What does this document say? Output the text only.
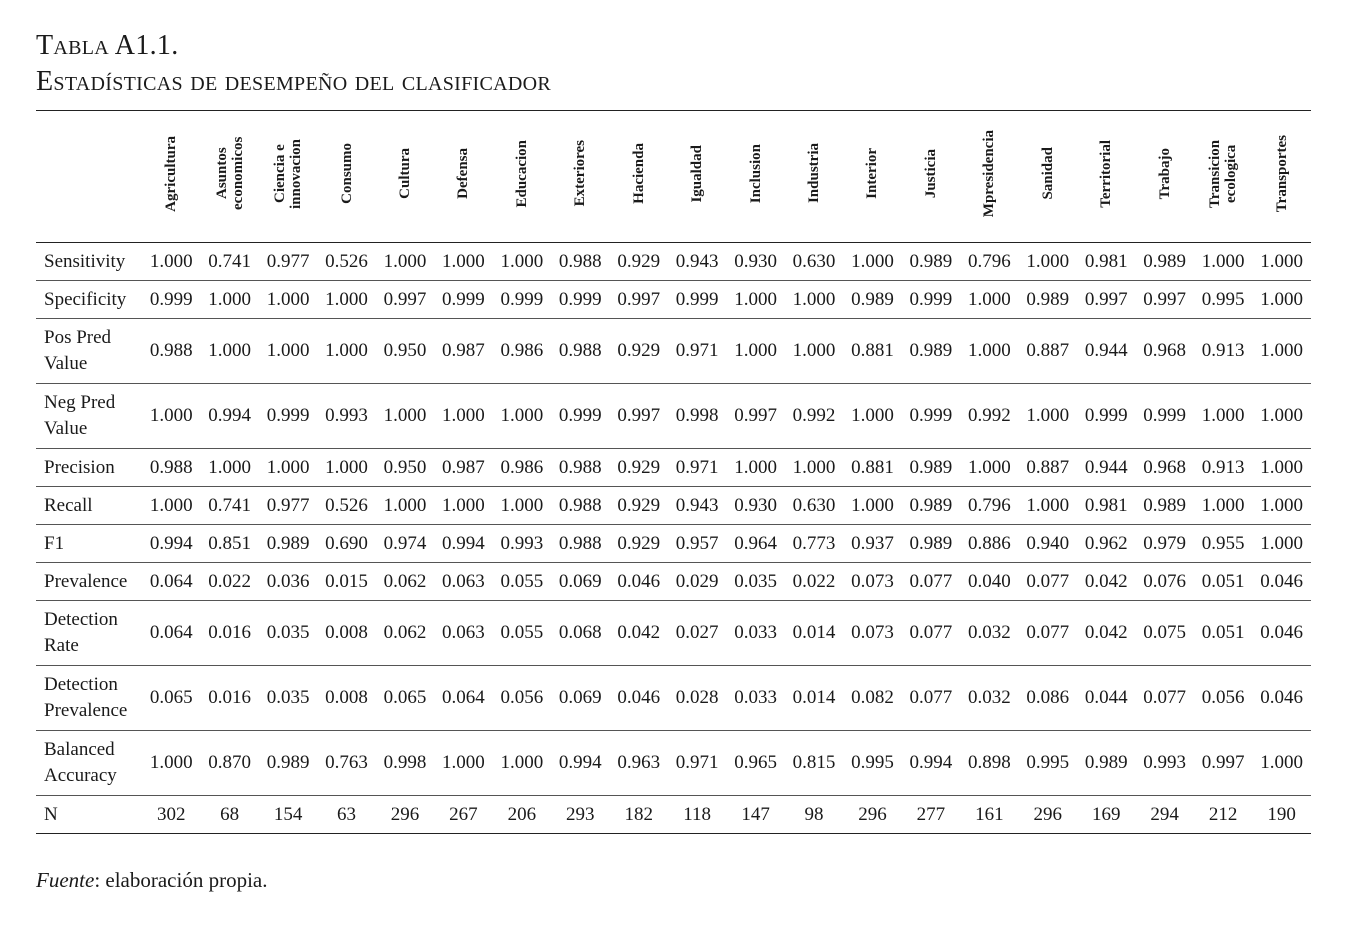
Tabla A1.1.
Estadísticas de desempeño del clasificador
	Agricultura	Asuntos economicos	Ciencia e innovacion	Consumo	Cultura	Defensa	Educacion	Exteriores	Hacienda	Igualdad	Inclusion	Industria	Interior	Justicia	Mpresidencia	Sanidad	Territorial	Trabajo	Transicion ecologica	Transportes
Sensitivity	1.000	0.741	0.977	0.526	1.000	1.000	1.000	0.988	0.929	0.943	0.930	0.630	1.000	0.989	0.796	1.000	0.981	0.989	1.000	1.000
Specificity	0.999	1.000	1.000	1.000	0.997	0.999	0.999	0.999	0.997	0.999	1.000	1.000	0.989	0.999	1.000	0.989	0.997	0.997	0.995	1.000
Pos Pred Value	0.988	1.000	1.000	1.000	0.950	0.987	0.986	0.988	0.929	0.971	1.000	1.000	0.881	0.989	1.000	0.887	0.944	0.968	0.913	1.000
Neg Pred Value	1.000	0.994	0.999	0.993	1.000	1.000	1.000	0.999	0.997	0.998	0.997	0.992	1.000	0.999	0.992	1.000	0.999	0.999	1.000	1.000
Precision	0.988	1.000	1.000	1.000	0.950	0.987	0.986	0.988	0.929	0.971	1.000	1.000	0.881	0.989	1.000	0.887	0.944	0.968	0.913	1.000
Recall	1.000	0.741	0.977	0.526	1.000	1.000	1.000	0.988	0.929	0.943	0.930	0.630	1.000	0.989	0.796	1.000	0.981	0.989	1.000	1.000
F1	0.994	0.851	0.989	0.690	0.974	0.994	0.993	0.988	0.929	0.957	0.964	0.773	0.937	0.989	0.886	0.940	0.962	0.979	0.955	1.000
Prevalence	0.064	0.022	0.036	0.015	0.062	0.063	0.055	0.069	0.046	0.029	0.035	0.022	0.073	0.077	0.040	0.077	0.042	0.076	0.051	0.046
Detection Rate	0.064	0.016	0.035	0.008	0.062	0.063	0.055	0.068	0.042	0.027	0.033	0.014	0.073	0.077	0.032	0.077	0.042	0.075	0.051	0.046
Detection Prevalence	0.065	0.016	0.035	0.008	0.065	0.064	0.056	0.069	0.046	0.028	0.033	0.014	0.082	0.077	0.032	0.086	0.044	0.077	0.056	0.046
Balanced Accuracy	1.000	0.870	0.989	0.763	0.998	1.000	1.000	0.994	0.963	0.971	0.965	0.815	0.995	0.994	0.898	0.995	0.989	0.993	0.997	1.000
N	302	68	154	63	296	267	206	293	182	118	147	98	296	277	161	296	169	294	212	190
Fuente: elaboración propia.
